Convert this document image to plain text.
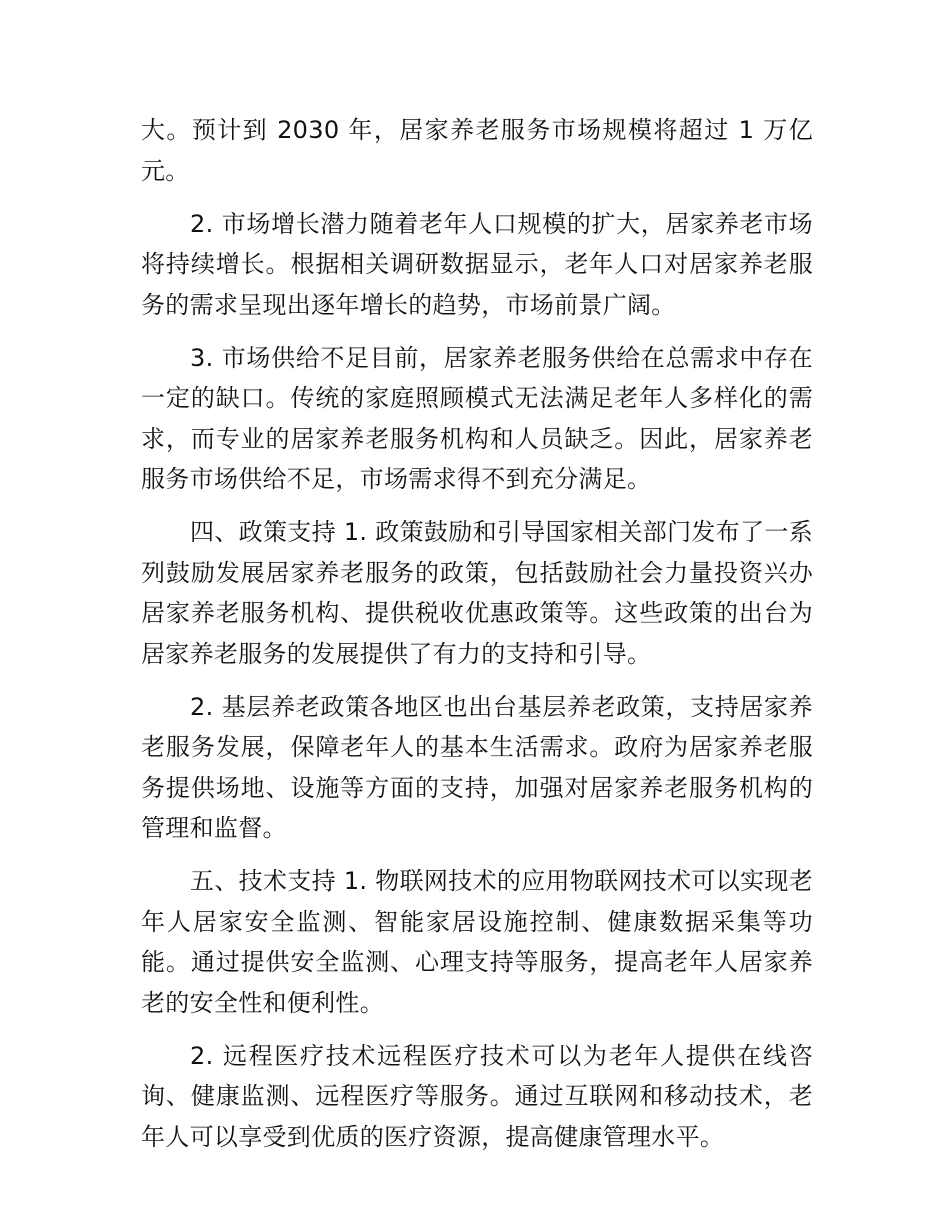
大。预计到 2030 年，居家养老服务市场规模将超过 1 万亿元。

2. 市场增长潜力随着老年人口规模的扩大，居家养老市场将持续增长。根据相关调研数据显示，老年人口对居家养老服务的需求呈现出逐年增长的趋势，市场前景广阔。

3. 市场供给不足目前，居家养老服务供给在总需求中存在一定的缺口。传统的家庭照顾模式无法满足老年人多样化的需求，而专业的居家养老服务机构和人员缺乏。因此，居家养老服务市场供给不足，市场需求得不到充分满足。

四、政策支持 1. 政策鼓励和引导国家相关部门发布了一系列鼓励发展居家养老服务的政策，包括鼓励社会力量投资兴办居家养老服务机构、提供税收优惠政策等。这些政策的出台为居家养老服务的发展提供了有力的支持和引导。

2. 基层养老政策各地区也出台基层养老政策，支持居家养老服务发展，保障老年人的基本生活需求。政府为居家养老服务提供场地、设施等方面的支持，加强对居家养老服务机构的管理和监督。

五、技术支持 1. 物联网技术的应用物联网技术可以实现老年人居家安全监测、智能家居设施控制、健康数据采集等功能。通过提供安全监测、心理支持等服务，提高老年人居家养老的安全性和便利性。

2. 远程医疗技术远程医疗技术可以为老年人提供在线咨询、健康监测、远程医疗等服务。通过互联网和移动技术，老年人可以享受到优质的医疗资源，提高健康管理水平。
